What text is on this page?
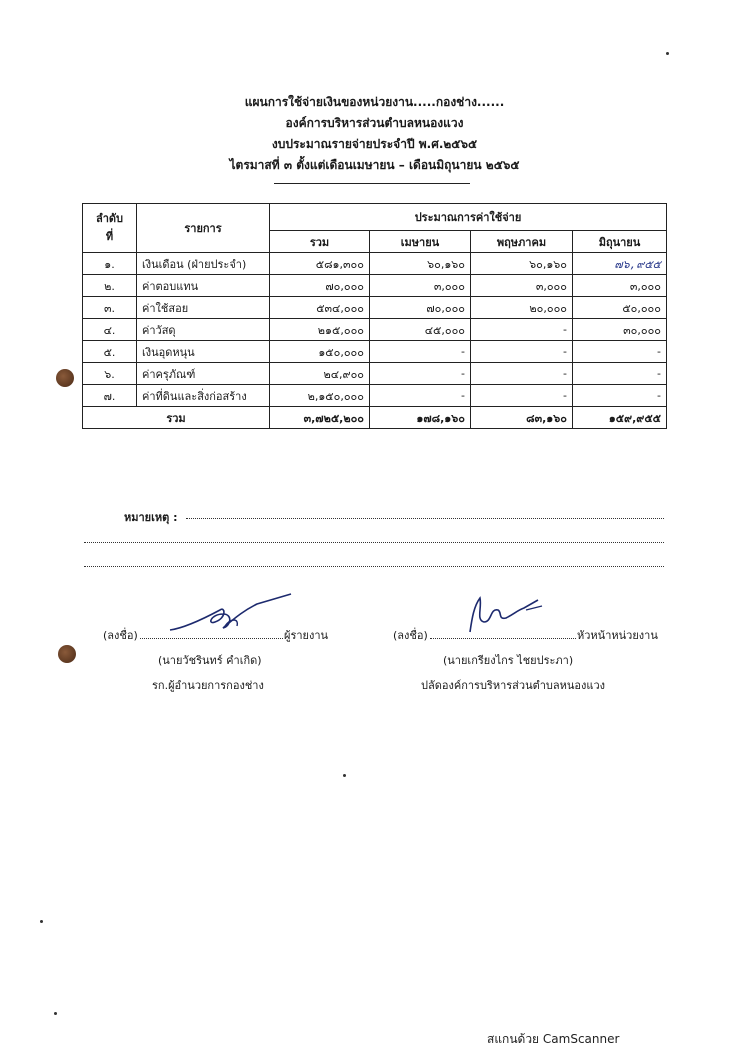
แผนการใช้จ่ายเงินของหน่วยงาน.....กองช่าง......
องค์การบริหารส่วนตำบลหนองแวง
งบประมาณรายจ่ายประจำปี พ.ศ.๒๕๖๕
ไตรมาสที่ ๓ ตั้งแต่เดือนเมษายน – เดือนมิถุนายน ๒๕๖๕
ลำดับ
ที่	รายการ	ประมาณการค่าใช้จ่าย			
		รวม	เมษายน	พฤษภาคม	มิถุนายน
๑.	เงินเดือน (ฝ่ายประจำ)	๕๘๑,๓๐๐	๖๐,๑๖๐	๖๐,๑๖๐	๗๖,๙๕๕
๒.	ค่าตอบแทน	๗๐,๐๐๐	๓,๐๐๐	๓,๐๐๐	๓,๐๐๐
๓.	ค่าใช้สอย	๕๓๔,๐๐๐	๗๐,๐๐๐	๒๐,๐๐๐	๕๐,๐๐๐
๔.	ค่าวัสดุ	๒๑๕,๐๐๐	๔๕,๐๐๐	-	๓๐,๐๐๐
๕.	เงินอุดหนุน	๑๕๐,๐๐๐	-	-	-
๖.	ค่าครุภัณฑ์	๒๔,๙๐๐	-	-	-
๗.	ค่าที่ดินและสิ่งก่อสร้าง	๒,๑๕๐,๐๐๐	-	-	-
รวม		๓,๗๒๕,๒๐๐	๑๗๘,๑๖๐	๘๓,๑๖๐	๑๕๙,๙๕๕
หมายเหตุ :
(ลงชื่อ)	ผู้รายงาน
(นายวัชรินทร์ คำเกิด)
รก.ผู้อำนวยการกองช่าง
(ลงชื่อ)	หัวหน้าหน่วยงาน
(นายเกรียงไกร ไชยประภา)
ปลัดองค์การบริหารส่วนตำบลหนองแวง
สแกนด้วย CamScanner
